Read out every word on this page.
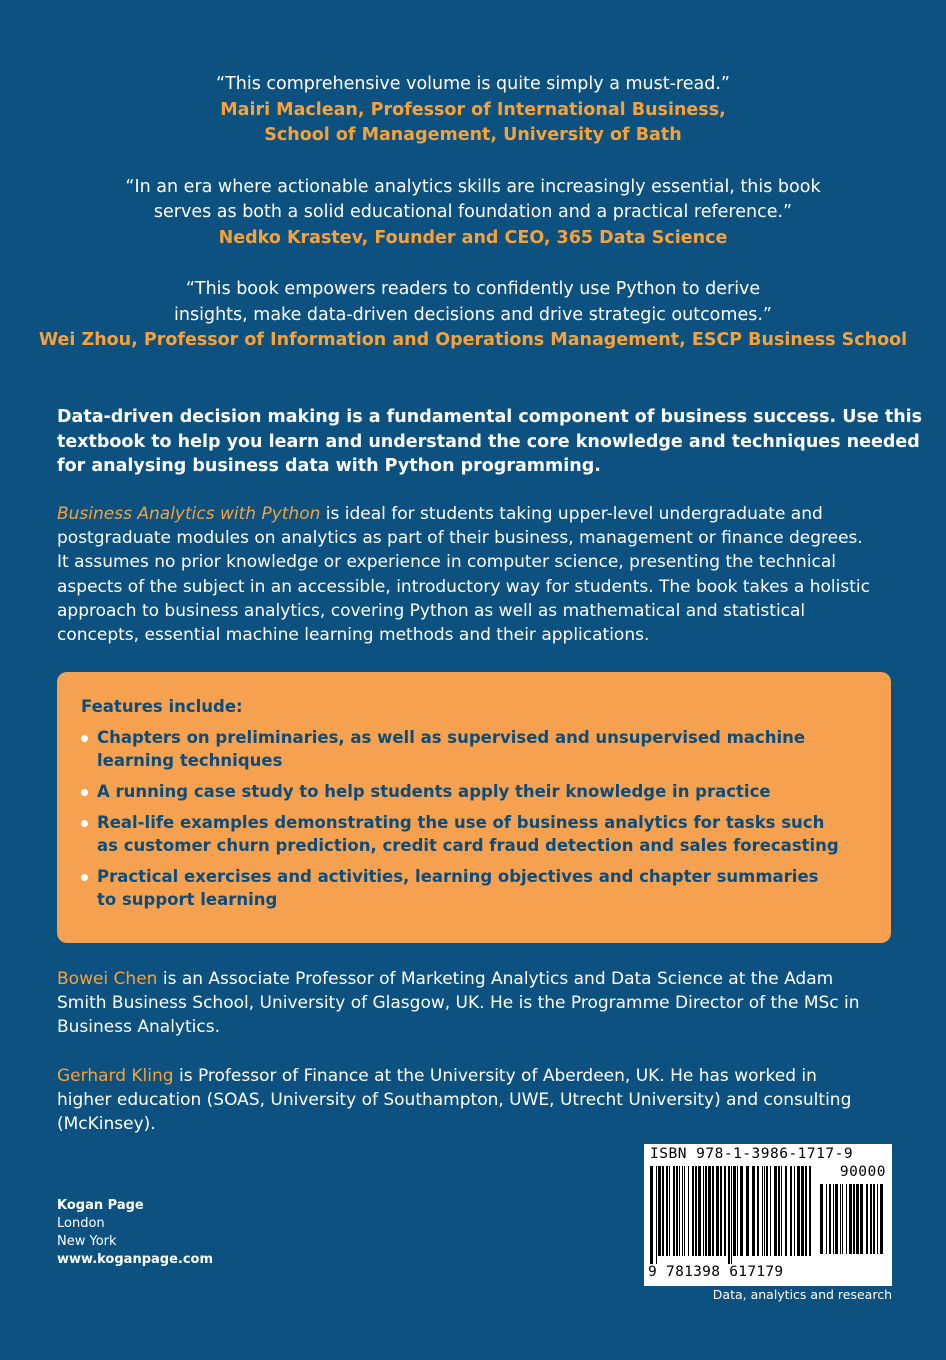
“This comprehensive volume is quite simply a must-read.”
Mairi Maclean, Professor of International Business,
School of Management, University of Bath
“In an era where actionable analytics skills are increasingly essential, this book
serves as both a solid educational foundation and a practical reference.”
Nedko Krastev, Founder and CEO, 365 Data Science
“This book empowers readers to confidently use Python to derive
insights, make data-driven decisions and drive strategic outcomes.”
Wei Zhou, Professor of Information and Operations Management, ESCP Business School
Data-driven decision making is a fundamental component of business success. Use this
textbook to help you learn and understand the core knowledge and techniques needed
for analysing business data with Python programming.
Business Analytics with Python is ideal for students taking upper-level undergraduate and
postgraduate modules on analytics as part of their business, management or finance degrees.
It assumes no prior knowledge or experience in computer science, presenting the technical
aspects of the subject in an accessible, introductory way for students. The book takes a holistic
approach to business analytics, covering Python as well as mathematical and statistical
concepts, essential machine learning methods and their applications.
Features include:
Chapters on preliminaries, as well as supervised and unsupervised machine
learning techniques
A running case study to help students apply their knowledge in practice
Real-life examples demonstrating the use of business analytics for tasks such
as customer churn prediction, credit card fraud detection and sales forecasting
Practical exercises and activities, learning objectives and chapter summaries
to support learning
Bowei Chen is an Associate Professor of Marketing Analytics and Data Science at the Adam
Smith Business School, University of Glasgow, UK. He is the Programme Director of the MSc in
Business Analytics.
Gerhard Kling is Professor of Finance at the University of Aberdeen, UK. He has worked in
higher education (SOAS, University of Southampton, UWE, Utrecht University) and consulting
(McKinsey).
Kogan Page
London
New York
www.koganpage.com
ISBN 978-1-3986-1717-9
90000
9 781398 617179
Data, analytics and research
